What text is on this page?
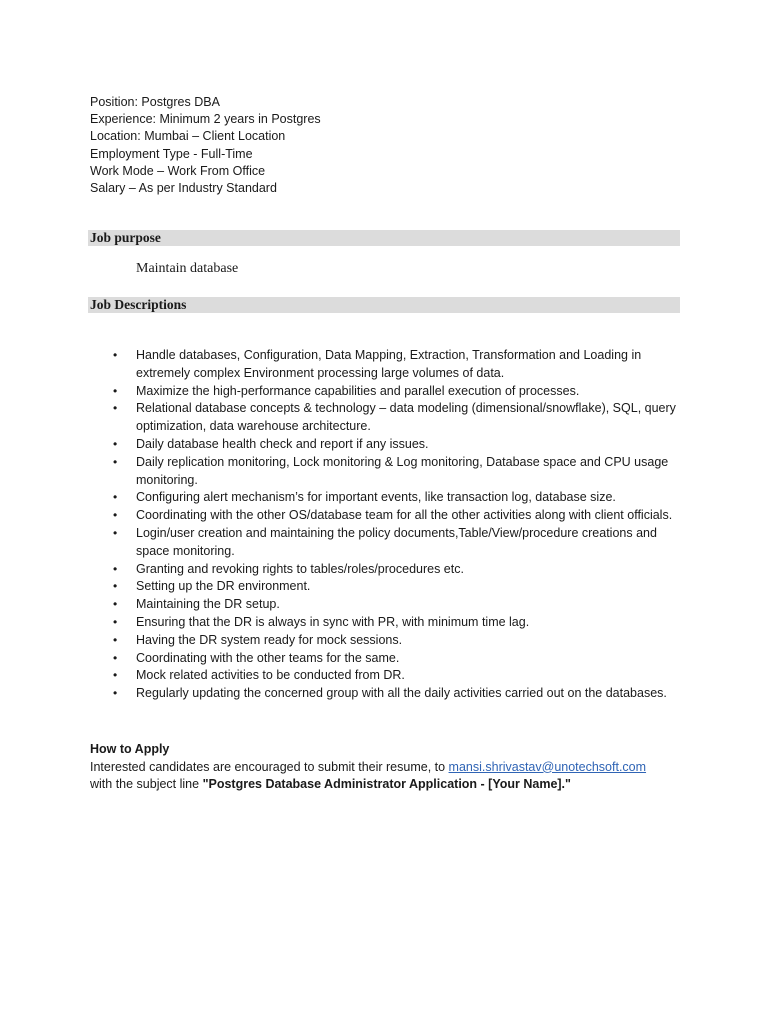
Position: Postgres DBA
Experience: Minimum 2 years in Postgres
Location: Mumbai – Client Location
Employment Type - Full-Time
Work Mode – Work From Office
Salary – As per Industry Standard
Job purpose
Maintain database
Job Descriptions
• Handle databases, Configuration, Data Mapping, Extraction, Transformation and Loading in extremely complex Environment processing large volumes of data.
• Maximize the high-performance capabilities and parallel execution of processes.
• Relational database concepts & technology – data modeling (dimensional/snowflake), SQL, query optimization, data warehouse architecture.
• Daily database health check and report if any issues.
• Daily replication monitoring, Lock monitoring & Log monitoring, Database space and CPU usage monitoring.
• Configuring alert mechanism’s for important events, like transaction log, database size.
• Coordinating with the other OS/database team for all the other activities along with client officials.
• Login/user creation and maintaining the policy documents,Table/View/procedure creations and space monitoring.
• Granting and revoking rights to tables/roles/procedures etc.
• Setting up the DR environment.
• Maintaining the DR setup.
• Ensuring that the DR is always in sync with PR, with minimum time lag.
• Having the DR system ready for mock sessions.
• Coordinating with the other teams for the same.
• Mock related activities to be conducted from DR.
• Regularly updating the concerned group with all the daily activities carried out on the databases.
How to Apply
Interested candidates are encouraged to submit their resume, to mansi.shrivastav@unotechsoft.com
with the subject line "Postgres Database Administrator Application - [Your Name]."
